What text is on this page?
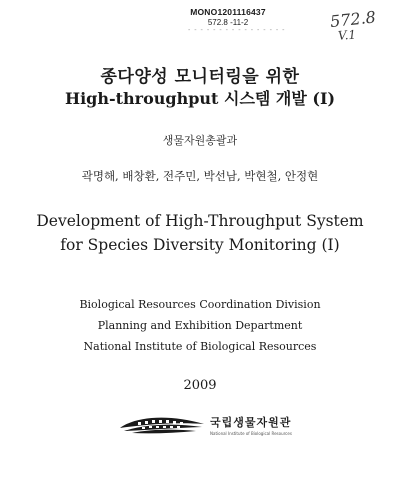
MONO1201116437
572.8 -11-2
- - - - - - - - - - - - - - - -	572.8
V.1
종다양성 모니터링을 위한
High-throughput 시스템 개발 (I)
생물자원총괄과
곽명해, 배창환, 전주민, 박선남, 박현철, 안정현
Development of High-Throughput System
for Species Diversity Monitoring (I)
Biological Resources Coordination Division
Planning and Exhibition Department
National Institute of Biological Resources
2009
국립생물자원관
National Institute of Biological Resources
